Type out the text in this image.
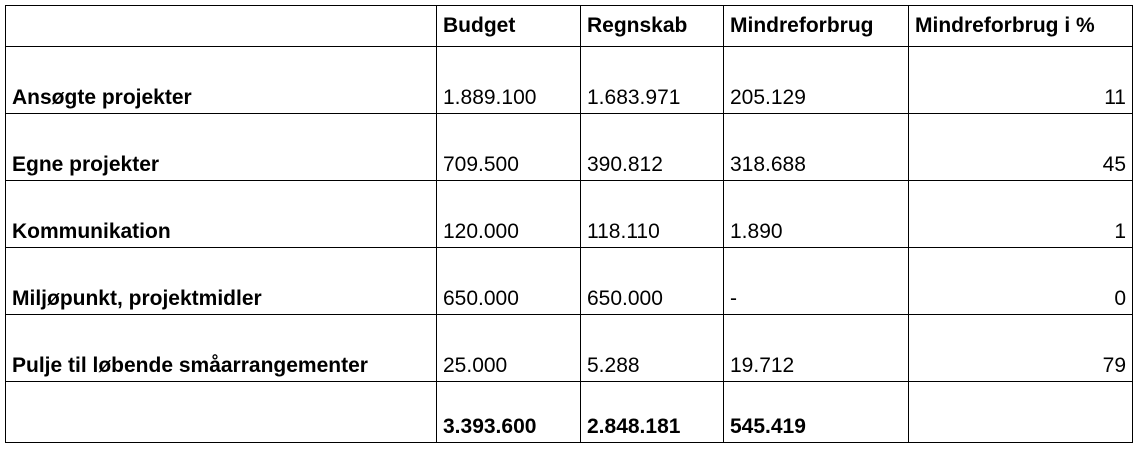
	Budget	Regnskab	Mindreforbrug	Mindreforbrug i %
Ansøgte projekter	1.889.100	1.683.971	205.129	11
Egne projekter	709.500	390.812	318.688	45
Kommunikation	120.000	118.110	1.890	1
Miljøpunkt, projektmidler	650.000	650.000	-	0
Pulje til løbende småarrangementer	25.000	5.288	19.712	79
	3.393.600	2.848.181	545.419	
